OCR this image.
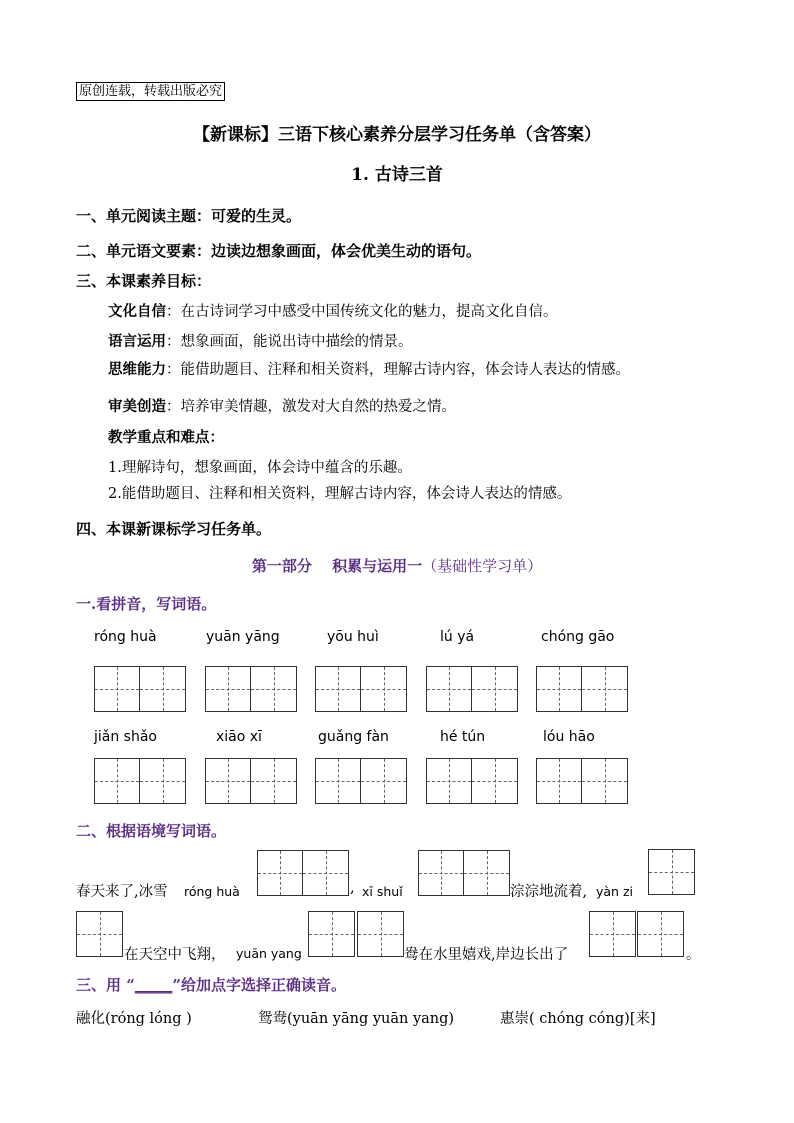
原创连载，转载出版必究
【新课标】三语下核心素养分层学习任务单（含答案）
1. 古诗三首
一、单元阅读主题：可爱的生灵。
二、单元语文要素：边读边想象画面，体会优美生动的语句。
三、本课素养目标：
文化自信：在古诗词学习中感受中国传统文化的魅力，提高文化自信。
语言运用：想象画面，能说出诗中描绘的情景。
思维能力：能借助题目、注释和相关资料，理解古诗内容，体会诗人表达的情感。
审美创造：培养审美情趣，激发对大自然的热爱之情。
教学重点和难点：
1.理解诗句，想象画面，体会诗中蕴含的乐趣。
2.能借助题目、注释和相关资料，理解古诗内容，体会诗人表达的情感。
四、本课新课标学习任务单。
第一部分　 积累与运用一（基础性学习单）
一.看拼音，写词语。
róng huà	yuān yāng	yōu huì	lú yá	chóng gāo
jiǎn shǎo	xiāo xī	guǎng fàn	hé tún	lóu hāo
二、根据语境写词语。
春天来了,冰雪 róng huà	, xī shuǐ	淙淙地流着, yàn zi
在天空中飞翔， yuān yang	鸯在水里嬉戏,岸边长出了	。
三、用 “_____”给加点字选择正确读音。
融化(róng lóng )	鸳鸯(yuān yāng yuān yang)	惠崇( chóng cóng)[来]
